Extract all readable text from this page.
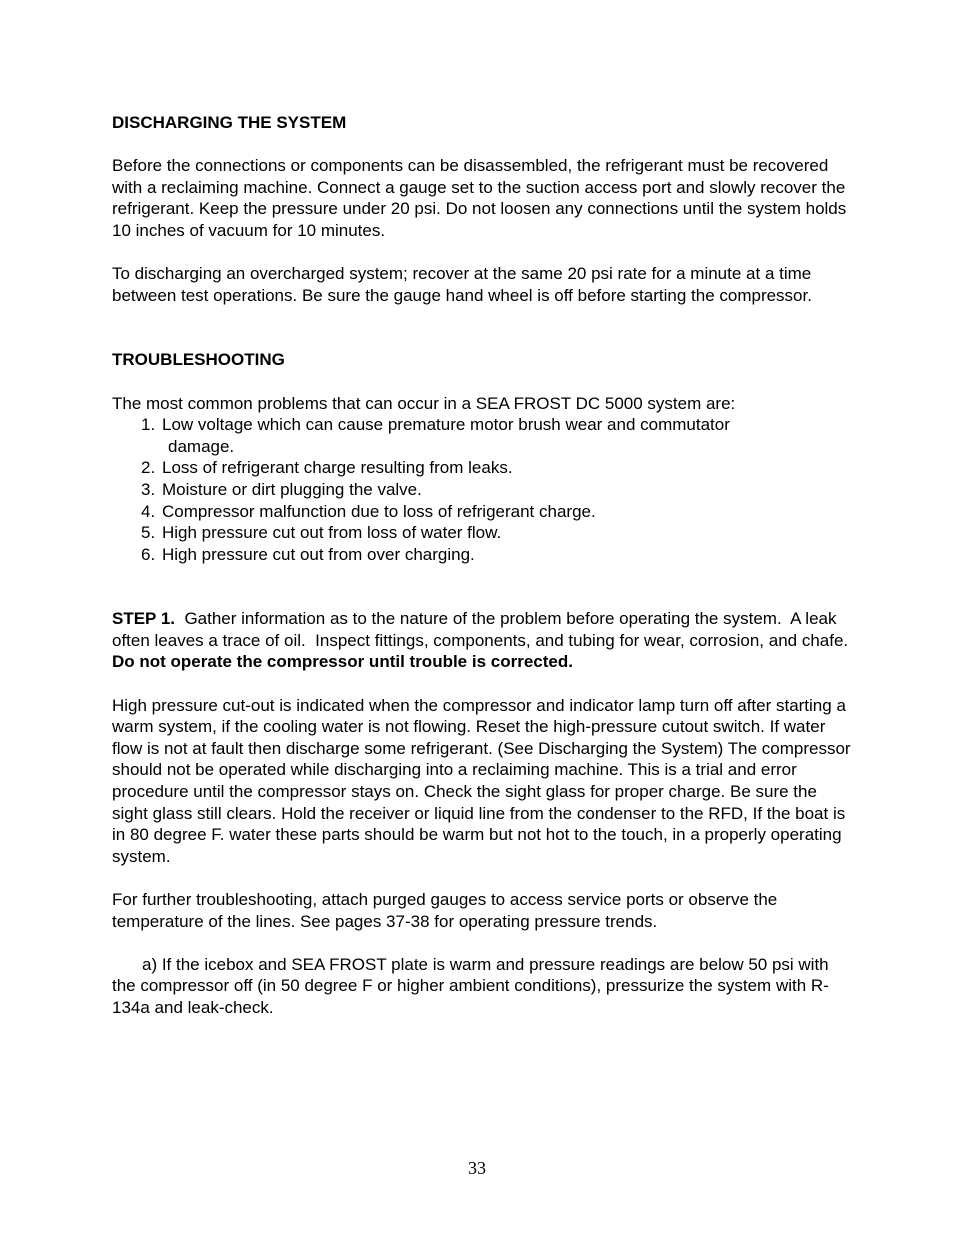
DISCHARGING THE SYSTEM

Before the connections or components can be disassembled, the refrigerant must be recovered with a reclaiming machine. Connect a gauge set to the suction access port and slowly recover the refrigerant. Keep the pressure under 20 psi. Do not loosen any connections until the system holds 10 inches of vacuum for 10 minutes.

To discharging an overcharged system; recover at the same 20 psi rate for a minute at a time between test operations. Be sure the gauge hand wheel is off before starting the compressor.

TROUBLESHOOTING

The most common problems that can occur in a SEA FROST DC 5000 system are:

1. Low voltage which can cause premature motor brush wear and commutator
damage.
2. Loss of refrigerant charge resulting from leaks.
3. Moisture or dirt plugging the valve.
4. Compressor malfunction due to loss of refrigerant charge.
5. High pressure cut out from loss of water flow.
6. High pressure cut out from over charging.

STEP 1.  Gather information as to the nature of the problem before operating the system.  A leak often leaves a trace of oil.  Inspect fittings, components, and tubing for wear, corrosion, and chafe.  Do not operate the compressor until trouble is corrected.

High pressure cut-out is indicated when the compressor and indicator lamp turn off after starting a warm system, if the cooling water is not flowing. Reset the high-pressure cutout switch. If water flow is not at fault then discharge some refrigerant. (See Discharging the System) The compressor should not be operated while discharging into a reclaiming machine. This is a trial and error procedure until the compressor stays on. Check the sight glass for proper charge. Be sure the sight glass still clears. Hold the receiver or liquid line from the condenser to the RFD, If the boat is in 80 degree F. water these parts should be warm but not hot to the touch, in a properly operating system.

For further troubleshooting, attach purged gauges to access service ports or observe the temperature of the lines. See pages 37-38 for operating pressure trends.

a) If the icebox and SEA FROST plate is warm and pressure readings are below 50 psi with the compressor off (in 50 degree F or higher ambient conditions), pressurize the system with R-134a and leak-check.

33
